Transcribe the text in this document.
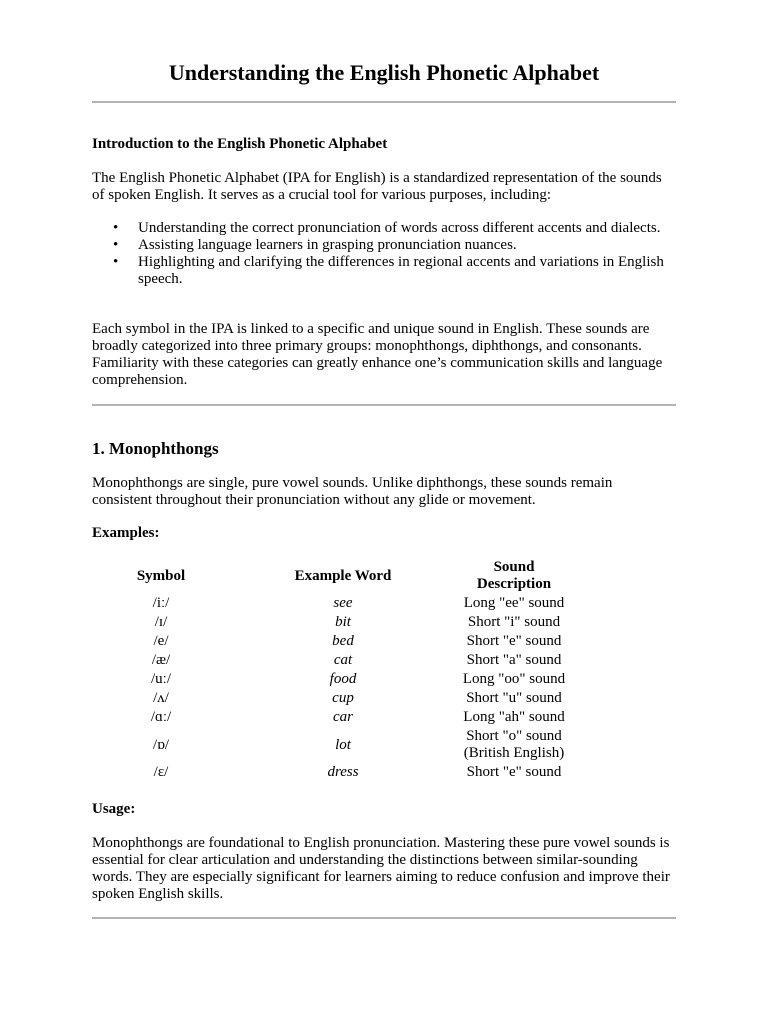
Understanding the English Phonetic Alphabet
Introduction to the English Phonetic Alphabet
The English Phonetic Alphabet (IPA for English) is a standardized representation of the sounds of spoken English. It serves as a crucial tool for various purposes, including:
• Understanding the correct pronunciation of words across different accents and dialects.
• Assisting language learners in grasping pronunciation nuances.
• Highlighting and clarifying the differences in regional accents and variations in English speech.
Each symbol in the IPA is linked to a specific and unique sound in English. These sounds are broadly categorized into three primary groups: monophthongs, diphthongs, and consonants. Familiarity with these categories can greatly enhance one’s communication skills and language comprehension.
1. Monophthongs
Monophthongs are single, pure vowel sounds. Unlike diphthongs, these sounds remain consistent throughout their pronunciation without any glide or movement.
Examples:
Symbol	Example Word	Sound Description	
/iː/	see	Long "ee" sound	
/ɪ/	bit	Short "i" sound	
/e/	bed	Short "e" sound	
/æ/	cat	Short "a" sound	
/uː/	food	Long "oo" sound	
/ʌ/	cup	Short "u" sound	
/ɑː/	car	Long "ah" sound	
/ɒ/	lot	Short "o" sound (British English)	
/ɛ/	dress	Short "e" sound	
Usage:
Monophthongs are foundational to English pronunciation. Mastering these pure vowel sounds is essential for clear articulation and understanding the distinctions between similar-sounding words. They are especially significant for learners aiming to reduce confusion and improve their spoken English skills.
